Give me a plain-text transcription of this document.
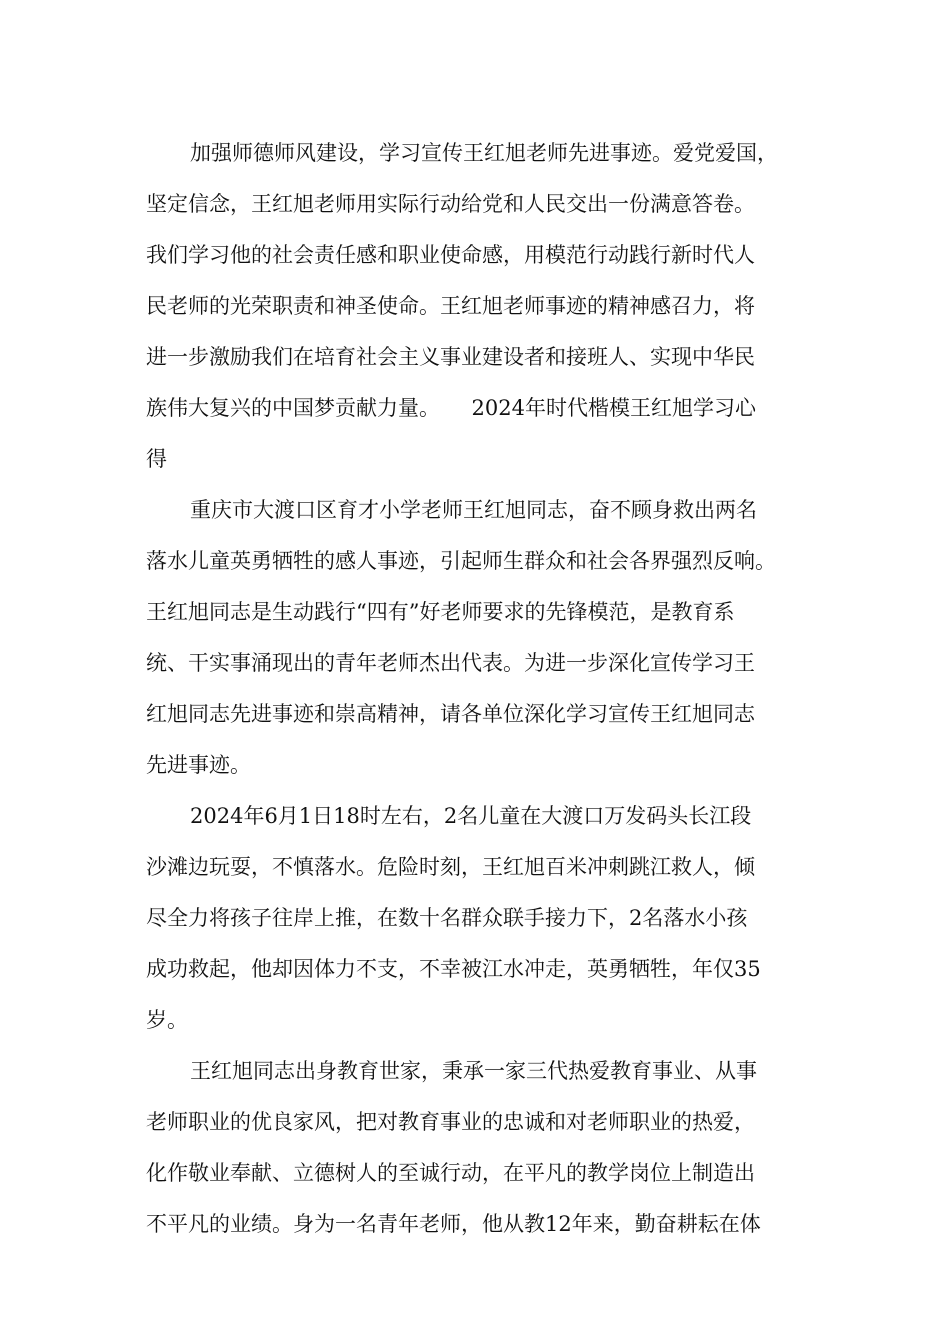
加强师德师风建设，学习宣传王红旭老师先进事迹。爱党爱国，
坚定信念，王红旭老师用实际行动给党和人民交出一份满意答卷。
我们学习他的社会责任感和职业使命感，用模范行动践行新时代人
民老师的光荣职责和神圣使命。王红旭老师事迹的精神感召力，将
进一步激励我们在培育社会主义事业建设者和接班人、实现中华民
族伟大复兴的中国梦贡献力量。　　2024年时代楷模王红旭学习心
得
重庆市大渡口区育才小学老师王红旭同志，奋不顾身救出两名
落水儿童英勇牺牲的感人事迹，引起师生群众和社会各界强烈反响。
王红旭同志是生动践行“四有”好老师要求的先锋模范，是教育系
统、干实事涌现出的青年老师杰出代表。为进一步深化宣传学习王
红旭同志先进事迹和崇高精神，请各单位深化学习宣传王红旭同志
先进事迹。
2024年6月1日18时左右，2名儿童在大渡口万发码头长江段
沙滩边玩耍，不慎落水。危险时刻，王红旭百米冲刺跳江救人，倾
尽全力将孩子往岸上推，在数十名群众联手接力下，2名落水小孩
成功救起，他却因体力不支，不幸被江水冲走，英勇牺牲，年仅35
岁。
王红旭同志出身教育世家，秉承一家三代热爱教育事业、从事
老师职业的优良家风，把对教育事业的忠诚和对老师职业的热爱，
化作敬业奉献、立德树人的至诚行动，在平凡的教学岗位上制造出
不平凡的业绩。身为一名青年老师，他从教12年来，勤奋耕耘在体
